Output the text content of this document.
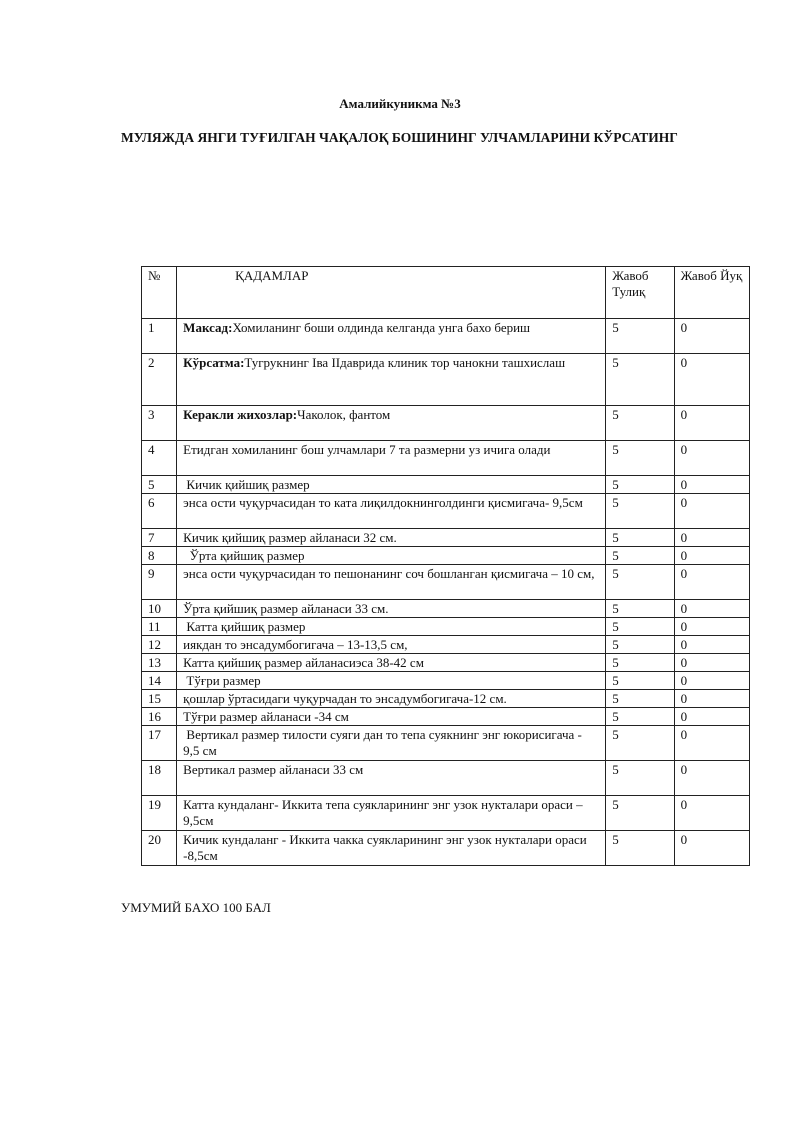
Амалийкуникма №3
МУЛЯЖДА ЯНГИ ТУҒИЛГАН ЧАҚАЛОҚ БОШИНИНГ УЛЧАМЛАРИНИ КЎРСАТИНГ
№	ҚАДАМЛАР	Жавоб Тулиқ	Жавоб Йуқ
1	Максад:Хомиланинг боши олдинда келганда унга бахо бериш	5	0
2	Кўрсатма:Тугрукнинг Iва IIдаврида клиник тор чанокни ташхислаш	5	0
3	Керакли жихозлар:Чаколок, фантом	5	0
4	Етидган хомиланинг бош улчамлари 7 та размерни уз ичига олади	5	0
5	Кичик қийшиқ размер	5	0
6	энса ости чуқурчасидан то ката лиқилдокнинголдинги қисмигача- 9,5см	5	0
7	Кичик қийшиқ размер айланаси 32 см.	5	0
8	Ўрта қийшиқ размер	5	0
9	энса ости чуқурчасидан то пешонанинг соч бошланган қисмигача – 10 см,	5	0
10	Ўрта қийшиқ размер айланаси 33 см.	5	0
11	Катта қийшиқ размер	5	0
12	иякдан то энсадумбогигача – 13-13,5 см,	5	0
13	Катта қийшиқ размер айланасиэса 38-42 см	5	0
14	Тўғри размер	5	0
15	қошлар ўртасидаги чуқурчадан то энсадумбогигача-12 см.	5	0
16	Тўғри размер айланаси -34 см	5	0
17	Вертикал размер тилости суяги дан то тепа суякнинг энг юкорисигача - 9,5 см	5	0
18	Вертикал размер айланаси 33 см	5	0
19	Катта кундаланг- Иккита тепа суякларининг энг узок нукталари ораси – 9,5см	5	0
20	Кичик кундаланг - Иккита чакка суякларининг энг узок нукталари ораси -8,5см	5	0
УМУМИЙ БАХО 100 БАЛ
